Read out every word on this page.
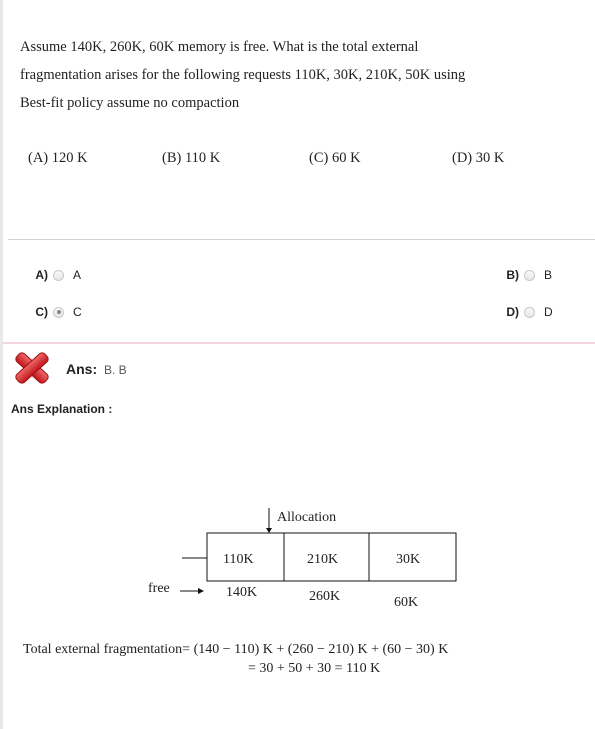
Assume 140K, 260K, 60K memory is free. What is the total external
fragmentation arises for the following requests 110K, 30K, 210K, 50K using
Best-fit policy assume no compaction
(A) 120 K	(B) 110 K	(C) 60 K	(D) 30 K
A) A	B) B
C) C	D) D
Ans: B. B
Ans Explanation :
Allocation
110K	210K	30K
free	140K	260K	60K
Total external fragmentation= (140 − 110) K + (260 − 210) K + (60 − 30) K
= 30 + 50 + 30 = 110 K
